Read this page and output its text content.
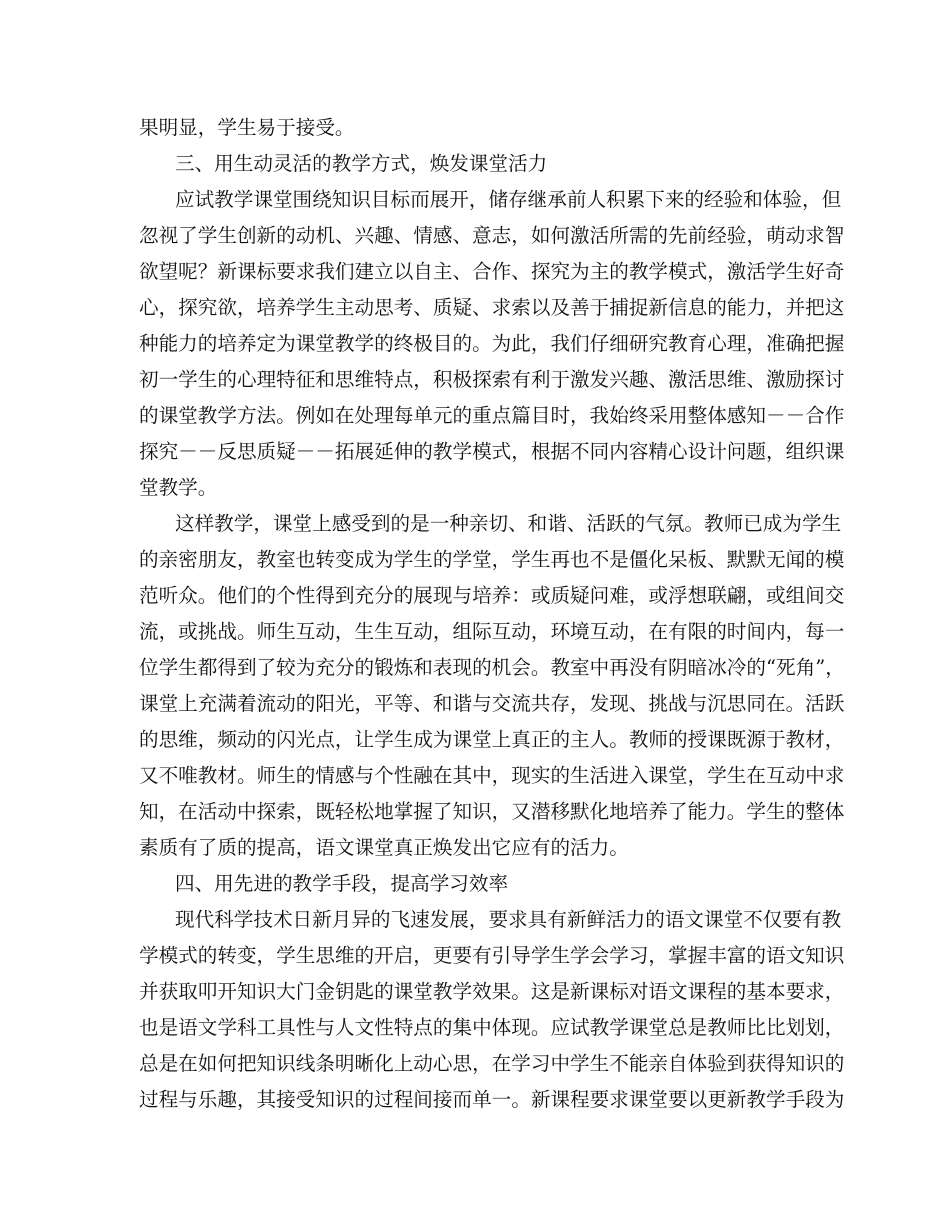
果明显，学生易于接受。
三、用生动灵活的教学方式，焕发课堂活力
应试教学课堂围绕知识目标而展开，储存继承前人积累下来的经验和体验，但
忽视了学生创新的动机、兴趣、情感、意志，如何激活所需的先前经验，萌动求智
欲望呢？新课标要求我们建立以自主、合作、探究为主的教学模式，激活学生好奇
心，探究欲，培养学生主动思考、质疑、求索以及善于捕捉新信息的能力，并把这
种能力的培养定为课堂教学的终极目的。为此，我们仔细研究教育心理，准确把握
初一学生的心理特征和思维特点，积极探索有利于激发兴趣、激活思维、激励探讨
的课堂教学方法。例如在处理每单元的重点篇目时，我始终采用整体感知－－合作
探究－－反思质疑－－拓展延伸的教学模式，根据不同内容精心设计问题，组织课
堂教学。
这样教学，课堂上感受到的是一种亲切、和谐、活跃的气氛。教师已成为学生
的亲密朋友，教室也转变成为学生的学堂，学生再也不是僵化呆板、默默无闻的模
范听众。他们的个性得到充分的展现与培养：或质疑问难，或浮想联翩，或组间交
流，或挑战。师生互动，生生互动，组际互动，环境互动，在有限的时间内，每一
位学生都得到了较为充分的锻炼和表现的机会。教室中再没有阴暗冰冷的“死角”，
课堂上充满着流动的阳光，平等、和谐与交流共存，发现、挑战与沉思同在。活跃
的思维，频动的闪光点，让学生成为课堂上真正的主人。教师的授课既源于教材，
又不唯教材。师生的情感与个性融在其中，现实的生活进入课堂，学生在互动中求
知，在活动中探索，既轻松地掌握了知识，又潜移默化地培养了能力。学生的整体
素质有了质的提高，语文课堂真正焕发出它应有的活力。
四、用先进的教学手段，提高学习效率
现代科学技术日新月异的飞速发展，要求具有新鲜活力的语文课堂不仅要有教
学模式的转变，学生思维的开启，更要有引导学生学会学习，掌握丰富的语文知识
并获取叩开知识大门金钥匙的课堂教学效果。这是新课标对语文课程的基本要求，
也是语文学科工具性与人文性特点的集中体现。应试教学课堂总是教师比比划划，
总是在如何把知识线条明晰化上动心思，在学习中学生不能亲自体验到获得知识的
过程与乐趣，其接受知识的过程间接而单一。新课程要求课堂要以更新教学手段为
